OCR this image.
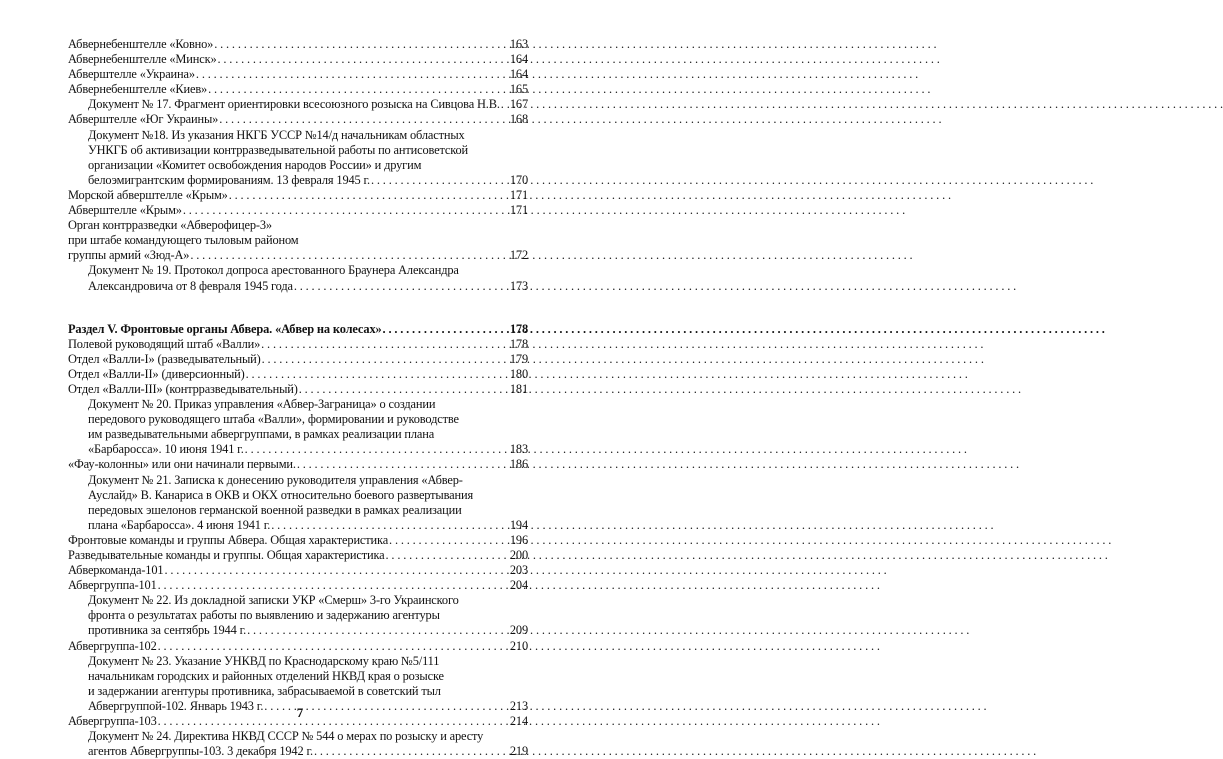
Абвернебенштелле «Ковно» . . .	163
Абвернебенштелле «Минск» . . .	164
Абверштелле «Украина» . . .	164
Абвернебенштелле «Киев» . . .	165
Документ № 17. Фрагмент ориентировки всесоюзного розыска на Сивцова Н.В. . . . 167
Абверштелле «Юг Украины» . . .	168
Документ №18. Из указания НКГБ УССР №14/д начальникам областных
УНКГБ об активизации контрразведывательной работы по антисоветской
организации «Комитет освобождения народов России» и другим
белоэмигрантским формированиям. 13 февраля 1945 г. . . .	170
Морской абверштелле «Крым» . . .	171
Абверштелле «Крым» . . .	171
Орган контрразведки «Абверофицер-3»
при штабе командующего тыловым районом
группы армий «Зюд-А» . . .	172
Документ № 19. Протокол допроса арестованного Браунера Александра
Александровича от 8 февраля 1945 года . . .	173
Раздел V. Фронтовые органы Абвера. «Абвер на колесах» . . .	178
Полевой руководящий штаб «Валли» . . .	178
Отдел «Валли-I» (разведывательный) . . .	179
Отдел «Валли-II» (диверсионный) . . .	180
Отдел «Валли-III» (контрразведывательный) . . .	181
Документ № 20. Приказ управления «Абвер-Заграница» о создании
передового руководящего штаба «Валли», формировании и руководстве
им разведывательными абвергруппами, в рамках реализации плана
«Барбаросса». 10 июня 1941 г. . . .	183
«Фау-колонны» или они начинали первыми. . . .	186
Документ № 21. Записка к донесению руководителя управления «Абвер-
Ауслайд» В. Канариса в ОКВ и ОКХ относительно боевого развертывания
передовых эшелонов германской военной разведки в рамках реализации
плана «Барбаросса». 4 июня 1941 г. . . .	194
Фронтовые команды и группы Абвера. Общая характеристика . . .	196
Разведывательные команды и группы. Общая характеристика . . .	200
Абверкоманда-101 . . .	203
Абвергруппа-101 . . .	204
Документ № 22. Из докладной записки УКР «Смерш» 3-го Украинского
фронта о результатах работы по выявлению и задержанию агентуры
противника за сентябрь 1944 г. . . .	209
Абвергруппа-102 . . .	210
Документ № 23. Указание УНКВД по Краснодарскому краю №5/111
начальникам городских и районных отделений НКВД края о розыске
и задержании агентуры противника, забрасываемой в советский тыл
Абвергруппой-102. Январь 1943 г. . . .	213
Абвергруппа-103 . . .	214
Документ № 24. Директива НКВД СССР № 544 о мерах по розыску и аресту
агентов Абвергруппы-103. 3 декабря 1942 г. . . .	219
7
